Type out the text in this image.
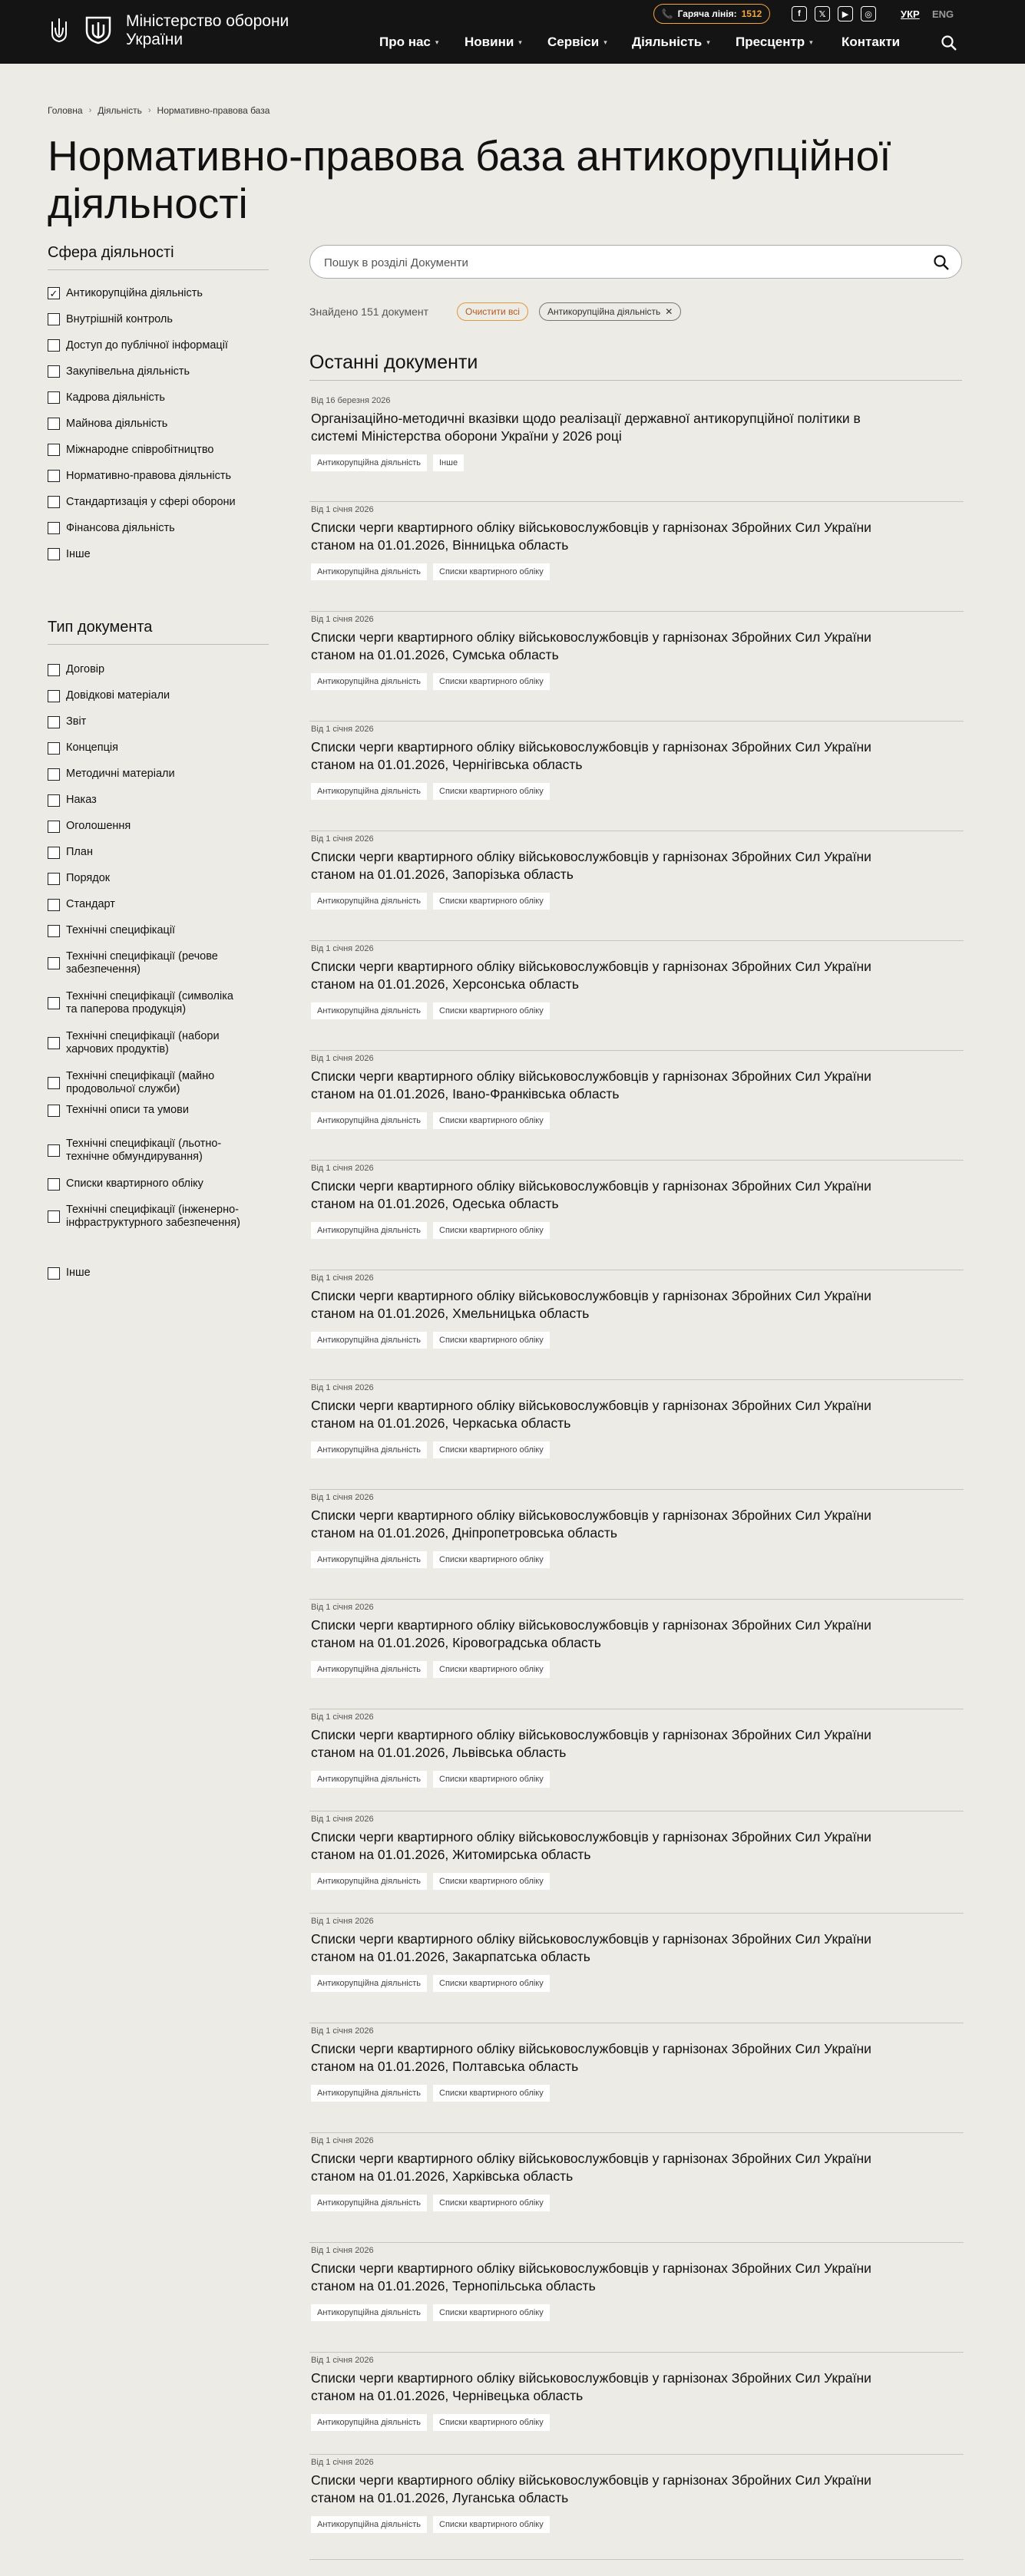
Міністерство оборони України
📞 Гаряча лінія: 1512	f	𝕏	▶	◎	УКР ENG
Про нас ▾ Новини ▾ Сервіси ▾ Діяльність ▾ Пресцентр ▾ Контакти
Головна › Діяльність › Нормативно-правова база
Нормативно-правова база антикорупційної діяльності
Сфера діяльності
✓ Антикорупційна діяльність
Внутрішній контроль
Доступ до публічної інформації
Закупівельна діяльність
Кадрова діяльність
Майнова діяльність
Міжнародне співробітництво
Нормативно-правова діяльність
Стандартизація у сфері оборони
Фінансова діяльність
Інше
Тип документа
Договір
Довідкові матеріали
Звіт
Концепція
Методичні матеріали
Наказ
Оголошення
План
Порядок
Стандарт
Технічні специфікації
Технічні специфікації (речове забезпечення)
Технічні специфікації (символіка та паперова продукція)
Технічні специфікації (набори харчових продуктів)
Технічні специфікації (майно продовольчої служби)
Технічні описи та умови
Технічні специфікації (льотно-технічне обмундирування)
Списки квартирного обліку
Технічні специфікації (інженерно-інфраструктурного забезпечення)
Інше
Пошук в розділі Документи
Знайдено 151 документ	Очистити всі	Антикорупційна діяльність ✕
Останні документи
Від 16 березня 2026
Організаційно-методичні вказівки щодо реалізації державної антикорупційної політики в системі Міністерства оборони України у 2026 році
Антикорупційна діяльність	Інше
Від 1 січня 2026
Списки черги квартирного обліку військовослужбовців у гарнізонах Збройних Сил України станом на 01.01.2026, Вінницька область
Антикорупційна діяльність	Списки квартирного обліку
Від 1 січня 2026
Списки черги квартирного обліку військовослужбовців у гарнізонах Збройних Сил України станом на 01.01.2026, Сумська область
Антикорупційна діяльність	Списки квартирного обліку
Від 1 січня 2026
Списки черги квартирного обліку військовослужбовців у гарнізонах Збройних Сил України станом на 01.01.2026, Чернігівська область
Антикорупційна діяльність	Списки квартирного обліку
Від 1 січня 2026
Списки черги квартирного обліку військовослужбовців у гарнізонах Збройних Сил України станом на 01.01.2026, Запорізька область
Антикорупційна діяльність	Списки квартирного обліку
Від 1 січня 2026
Списки черги квартирного обліку військовослужбовців у гарнізонах Збройних Сил України станом на 01.01.2026, Херсонська область
Антикорупційна діяльність	Списки квартирного обліку
Від 1 січня 2026
Списки черги квартирного обліку військовослужбовців у гарнізонах Збройних Сил України станом на 01.01.2026, Івано-Франківська область
Антикорупційна діяльність	Списки квартирного обліку
Від 1 січня 2026
Списки черги квартирного обліку військовослужбовців у гарнізонах Збройних Сил України станом на 01.01.2026, Одеська область
Антикорупційна діяльність	Списки квартирного обліку
Від 1 січня 2026
Списки черги квартирного обліку військовослужбовців у гарнізонах Збройних Сил України станом на 01.01.2026, Хмельницька область
Антикорупційна діяльність	Списки квартирного обліку
Від 1 січня 2026
Списки черги квартирного обліку військовослужбовців у гарнізонах Збройних Сил України станом на 01.01.2026, Черкаська область
Антикорупційна діяльність	Списки квартирного обліку
Від 1 січня 2026
Списки черги квартирного обліку військовослужбовців у гарнізонах Збройних Сил України станом на 01.01.2026, Дніпропетровська область
Антикорупційна діяльність	Списки квартирного обліку
Від 1 січня 2026
Списки черги квартирного обліку військовослужбовців у гарнізонах Збройних Сил України станом на 01.01.2026, Кіровоградська область
Антикорупційна діяльність	Списки квартирного обліку
Від 1 січня 2026
Списки черги квартирного обліку військовослужбовців у гарнізонах Збройних Сил України станом на 01.01.2026, Львівська область
Антикорупційна діяльність	Списки квартирного обліку
Від 1 січня 2026
Списки черги квартирного обліку військовослужбовців у гарнізонах Збройних Сил України станом на 01.01.2026, Житомирська область
Антикорупційна діяльність	Списки квартирного обліку
Від 1 січня 2026
Списки черги квартирного обліку військовослужбовців у гарнізонах Збройних Сил України станом на 01.01.2026, Закарпатська область
Антикорупційна діяльність	Списки квартирного обліку
Від 1 січня 2026
Списки черги квартирного обліку військовослужбовців у гарнізонах Збройних Сил України станом на 01.01.2026, Полтавська область
Антикорупційна діяльність	Списки квартирного обліку
Від 1 січня 2026
Списки черги квартирного обліку військовослужбовців у гарнізонах Збройних Сил України станом на 01.01.2026, Харківська область
Антикорупційна діяльність	Списки квартирного обліку
Від 1 січня 2026
Списки черги квартирного обліку військовослужбовців у гарнізонах Збройних Сил України станом на 01.01.2026, Тернопільська область
Антикорупційна діяльність	Списки квартирного обліку
Від 1 січня 2026
Списки черги квартирного обліку військовослужбовців у гарнізонах Збройних Сил України станом на 01.01.2026, Чернівецька область
Антикорупційна діяльність	Списки квартирного обліку
Від 1 січня 2026
Списки черги квартирного обліку військовослужбовців у гарнізонах Збройних Сил України станом на 01.01.2026, Луганська область
Антикорупційна діяльність	Списки квартирного обліку
